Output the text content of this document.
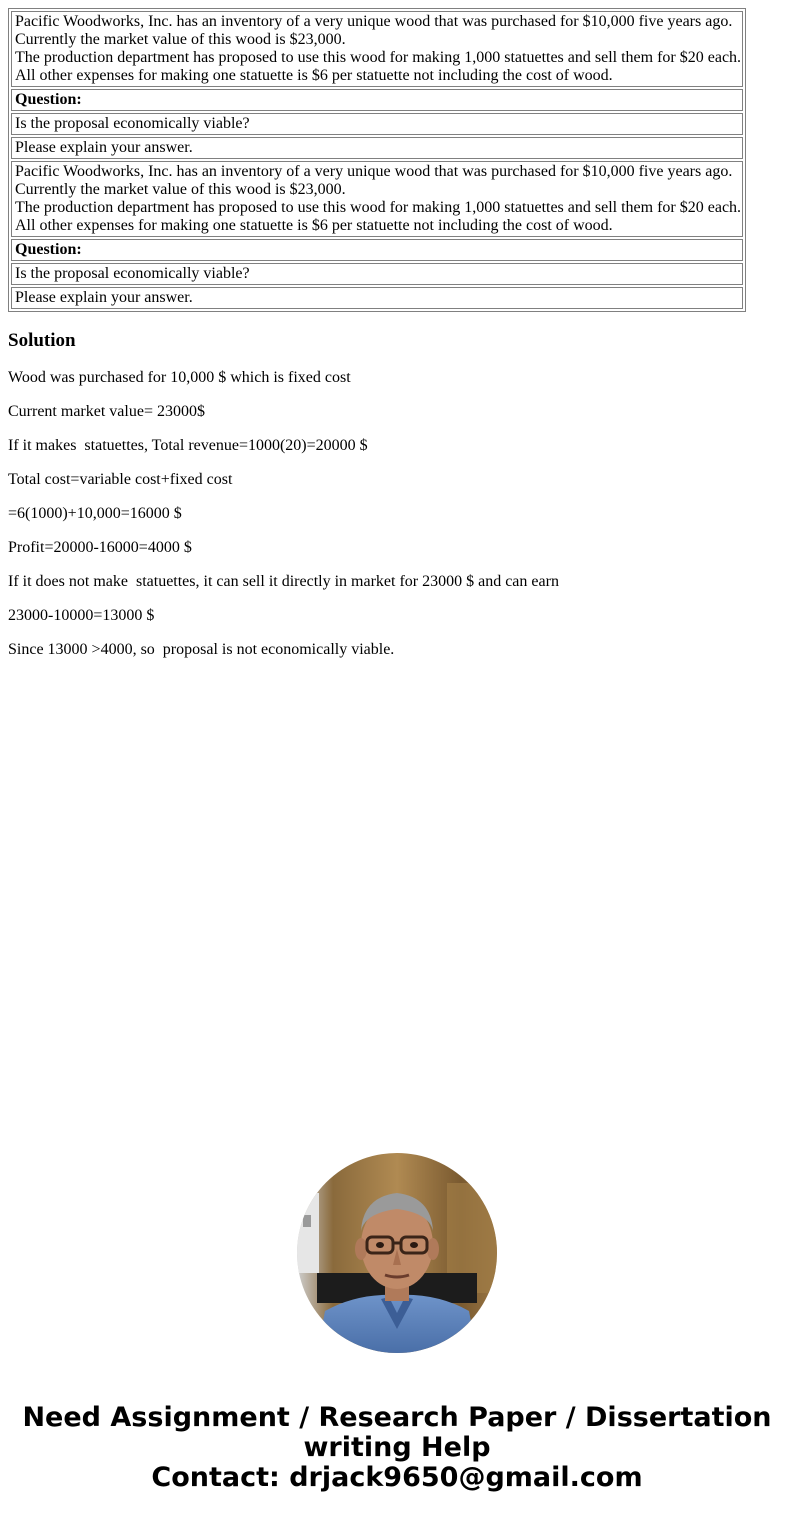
Pacific Woodworks, Inc. has an inventory of a very unique wood that was purchased for $10,000 five years ago.
Currently the market value of this wood is $23,000.
The production department has proposed to use this wood for making 1,000 statuettes and sell them for $20 each.
All other expenses for making one statuette is $6 per statuette not including the cost of wood.

Question:
Is the proposal economically viable?
Please explain your answer.

Pacific Woodworks, Inc. has an inventory of a very unique wood that was purchased for $10,000 five years ago.
Currently the market value of this wood is $23,000.
The production department has proposed to use this wood for making 1,000 statuettes and sell them for $20 each.
All other expenses for making one statuette is $6 per statuette not including the cost of wood.

Question:
Is the proposal economically viable?
Please explain your answer.
Solution

Wood was purchased for 10,000 $ which is fixed cost

Current market value= 23000$

If it makes  statuettes, Total revenue=1000(20)=20000 $

Total cost=variable cost+fixed cost

=6(1000)+10,000=16000 $

Profit=20000-16000=4000 $

If it does not make  statuettes, it can sell it directly in market for 23000 $ and can earn

23000-10000=13000 $

Since 13000 >4000, so  proposal is not economically viable.

Need Assignment / Research Paper / Dissertation
writing Help
Contact: drjack9650@gmail.com
